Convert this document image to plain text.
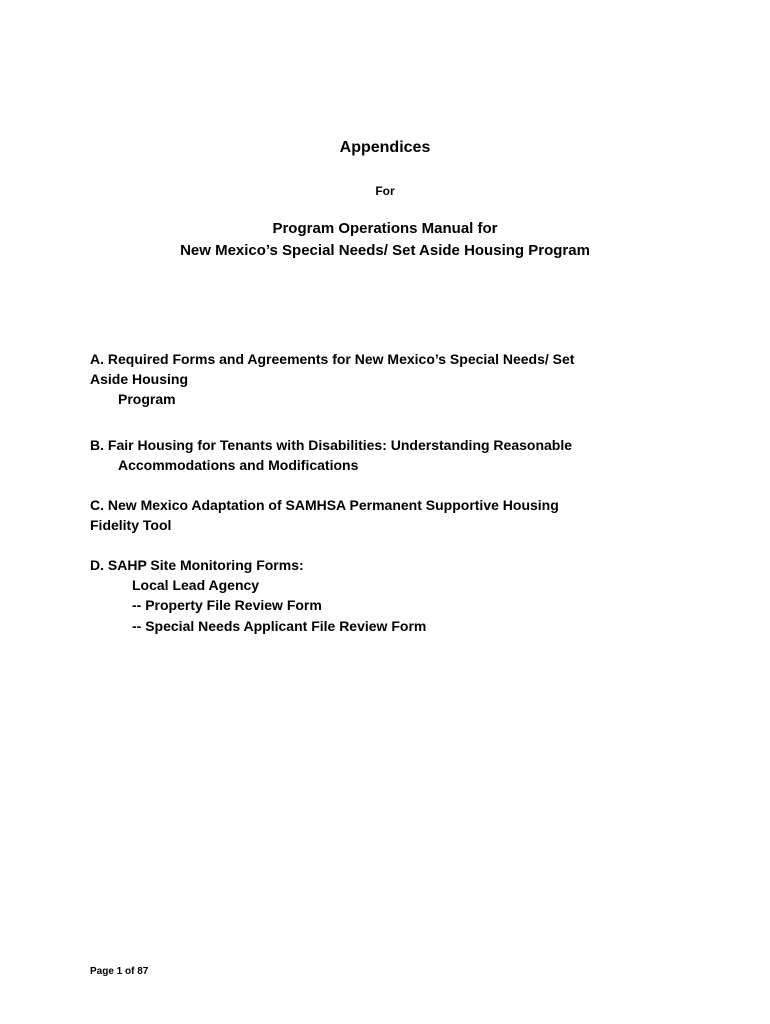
Appendices
For
Program Operations Manual for
New Mexico’s Special Needs/ Set Aside Housing Program
A. Required Forms and Agreements for New Mexico’s Special Needs/ Set
Aside Housing
Program
B. Fair Housing for Tenants with Disabilities: Understanding Reasonable
Accommodations and Modifications
C. New Mexico Adaptation of SAMHSA Permanent Supportive Housing
Fidelity Tool
D. SAHP Site Monitoring Forms:
Local Lead Agency
-- Property File Review Form
-- Special Needs Applicant File Review Form
Page 1 of 87
